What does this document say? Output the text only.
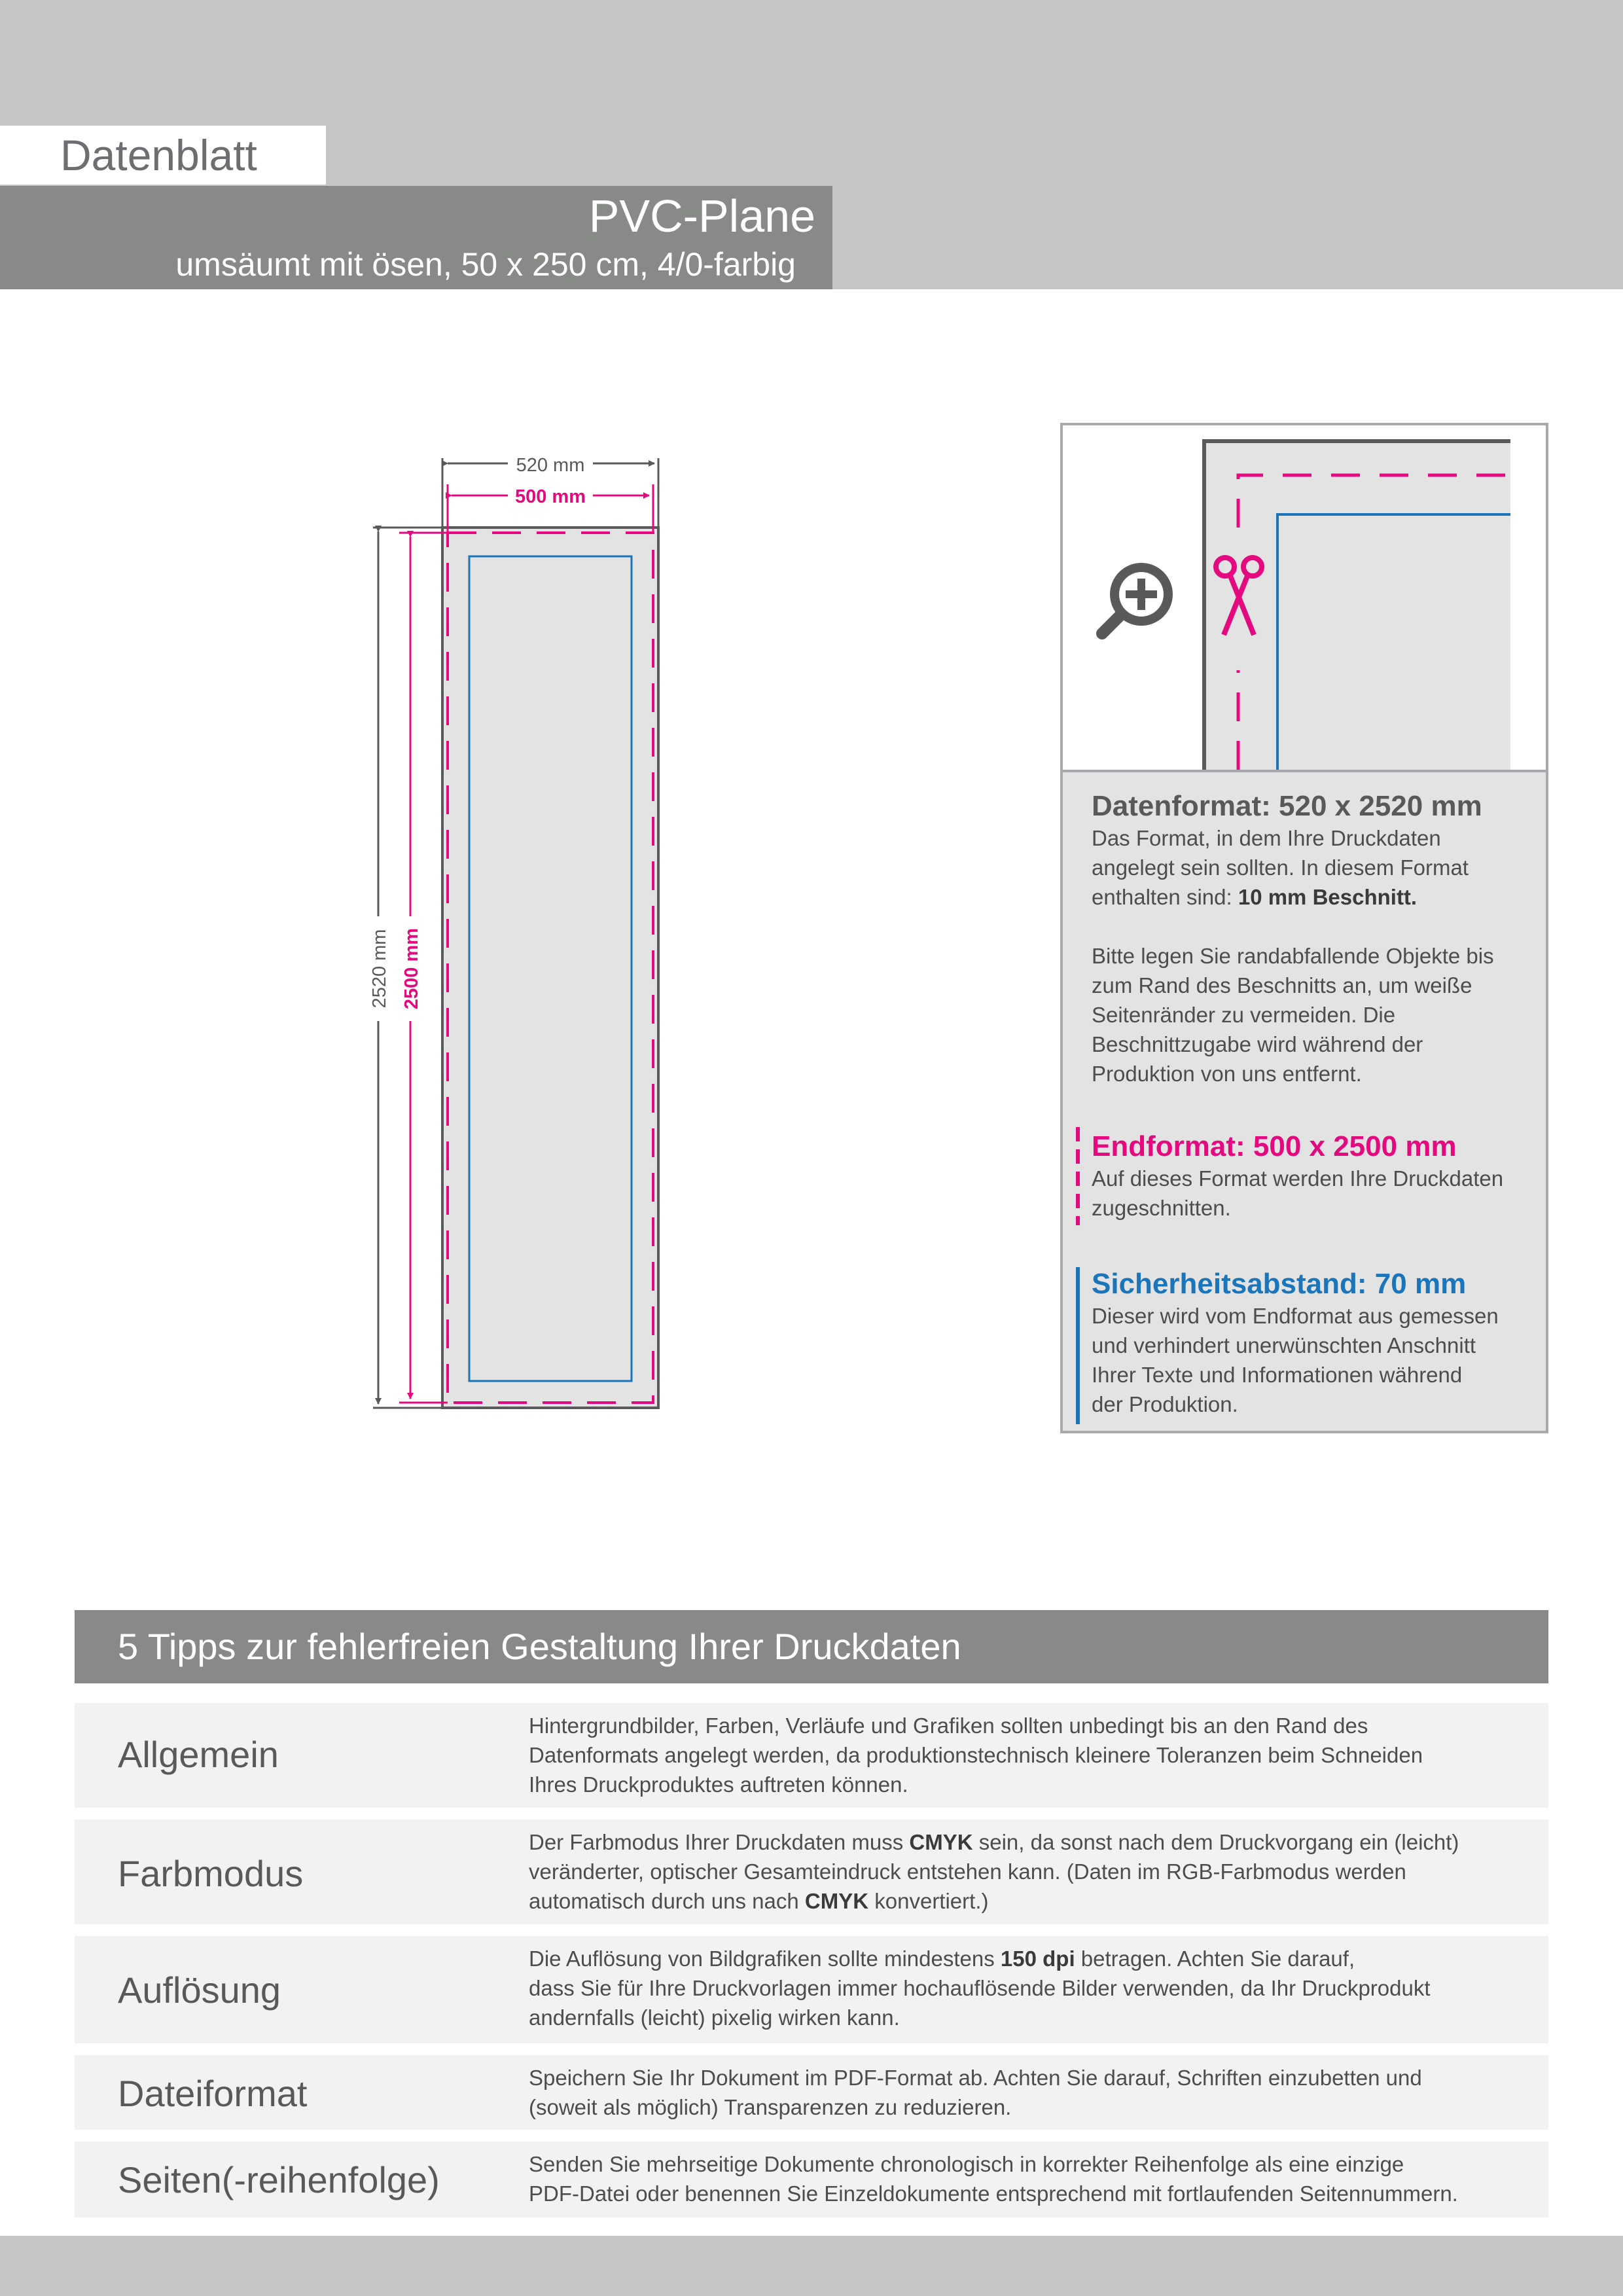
Datenblatt
PVC-Plane
umsäumt mit ösen, 50 x 250 cm, 4/0-farbig
520 mm
500 mm
2520 mm 2500 mm
Datenformat: 520 x 2520 mm
Das Format, in dem Ihre Druckdaten
angelegt sein sollten. In diesem Format
enthalten sind: 10 mm Beschnitt.
Bitte legen Sie randabfallende Objekte bis
zum Rand des Beschnitts an, um weiße
Seitenränder zu vermeiden. Die
Beschnittzugabe wird während der
Produktion von uns entfernt.
Endformat: 500 x 2500 mm
Auf dieses Format werden Ihre Druckdaten
zugeschnitten.
Sicherheitsabstand: 70 mm
Dieser wird vom Endformat aus gemessen
und verhindert unerwünschten Anschnitt
Ihrer Texte und Informationen während
der Produktion.
5 Tipps zur fehlerfreien Gestaltung Ihrer Druckdaten
Allgemein
Hintergrundbilder, Farben, Verläufe und Grafiken sollten unbedingt bis an den Rand des
Datenformats angelegt werden, da produktionstechnisch kleinere Toleranzen beim Schneiden
Ihres Druckproduktes auftreten können.
Farbmodus
Der Farbmodus Ihrer Druckdaten muss CMYK sein, da sonst nach dem Druckvorgang ein (leicht)
veränderter, optischer Gesamteindruck entstehen kann. (Daten im RGB-Farbmodus werden
automatisch durch uns nach CMYK konvertiert.)
Auflösung
Die Auflösung von Bildgrafiken sollte mindestens 150 dpi betragen. Achten Sie darauf,
dass Sie für Ihre Druckvorlagen immer hochauflösende Bilder verwenden, da Ihr Druckprodukt
andernfalls (leicht) pixelig wirken kann.
Dateiformat	Speichern Sie Ihr Dokument im PDF-Format ab. Achten Sie darauf, Schriften einzubetten und
(soweit als möglich) Transparenzen zu reduzieren.
Seiten(-reihenfolge)	Senden Sie mehrseitige Dokumente chronologisch in korrekter Reihenfolge als eine einzige
PDF-Datei oder benennen Sie Einzeldokumente entsprechend mit fortlaufenden Seitennummern.
